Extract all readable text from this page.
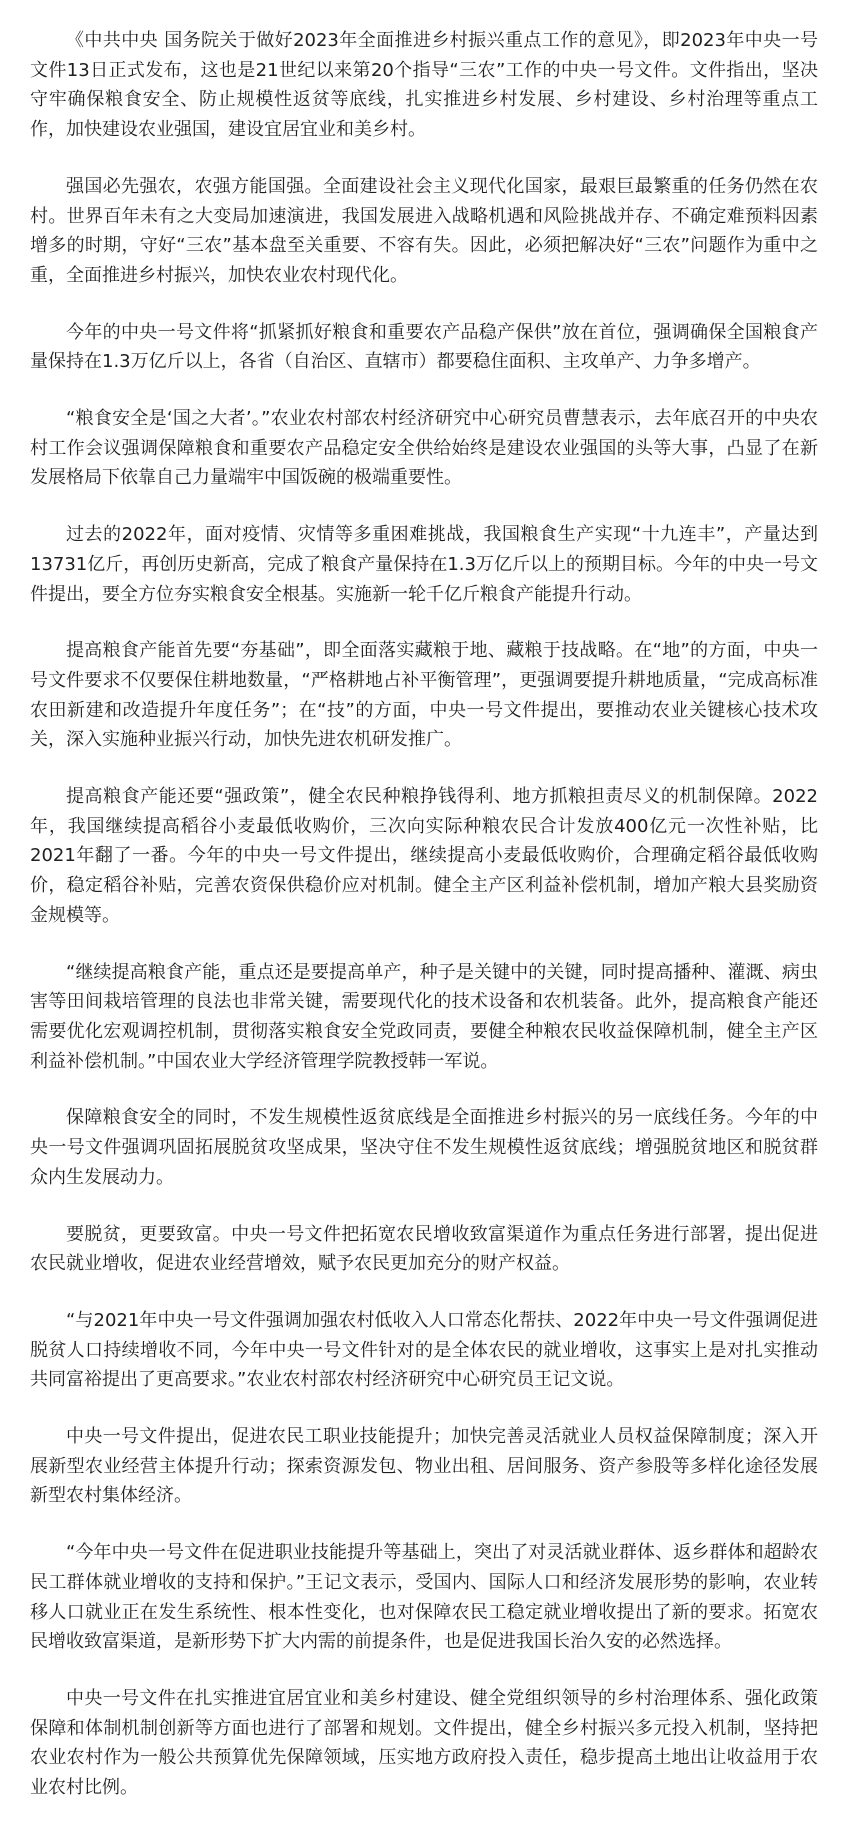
《中共中央 国务院关于做好2023年全面推进乡村振兴重点工作的意见》，即2023年中央一号文件13日正式发布，这也是21世纪以来第20个指导“三农”工作的中央一号文件。文件指出，坚决守牢确保粮食安全、防止规模性返贫等底线，扎实推进乡村发展、乡村建设、乡村治理等重点工作，加快建设农业强国，建设宜居宜业和美乡村。

强国必先强农，农强方能国强。全面建设社会主义现代化国家，最艰巨最繁重的任务仍然在农村。世界百年未有之大变局加速演进，我国发展进入战略机遇和风险挑战并存、不确定难预料因素增多的时期，守好“三农”基本盘至关重要、不容有失。因此，必须把解决好“三农”问题作为重中之重，全面推进乡村振兴，加快农业农村现代化。

今年的中央一号文件将“抓紧抓好粮食和重要农产品稳产保供”放在首位，强调确保全国粮食产量保持在1.3万亿斤以上，各省（自治区、直辖市）都要稳住面积、主攻单产、力争多增产。

“粮食安全是‘国之大者’。”农业农村部农村经济研究中心研究员曹慧表示，去年底召开的中央农村工作会议强调保障粮食和重要农产品稳定安全供给始终是建设农业强国的头等大事，凸显了在新发展格局下依靠自己力量端牢中国饭碗的极端重要性。

过去的2022年，面对疫情、灾情等多重困难挑战，我国粮食生产实现“十九连丰”，产量达到13731亿斤，再创历史新高，完成了粮食产量保持在1.3万亿斤以上的预期目标。今年的中央一号文件提出，要全方位夯实粮食安全根基。实施新一轮千亿斤粮食产能提升行动。

提高粮食产能首先要“夯基础”，即全面落实藏粮于地、藏粮于技战略。在“地”的方面，中央一号文件要求不仅要保住耕地数量，“严格耕地占补平衡管理”，更强调要提升耕地质量，“完成高标准农田新建和改造提升年度任务”；在“技”的方面，中央一号文件提出，要推动农业关键核心技术攻关，深入实施种业振兴行动，加快先进农机研发推广。

提高粮食产能还要“强政策”，健全农民种粮挣钱得利、地方抓粮担责尽义的机制保障。2022年，我国继续提高稻谷小麦最低收购价，三次向实际种粮农民合计发放400亿元一次性补贴，比2021年翻了一番。今年的中央一号文件提出，继续提高小麦最低收购价，合理确定稻谷最低收购价，稳定稻谷补贴，完善农资保供稳价应对机制。健全主产区利益补偿机制，增加产粮大县奖励资金规模等。

“继续提高粮食产能，重点还是要提高单产，种子是关键中的关键，同时提高播种、灌溉、病虫害等田间栽培管理的良法也非常关键，需要现代化的技术设备和农机装备。此外，提高粮食产能还需要优化宏观调控机制，贯彻落实粮食安全党政同责，要健全种粮农民收益保障机制，健全主产区利益补偿机制。”中国农业大学经济管理学院教授韩一军说。

保障粮食安全的同时，不发生规模性返贫底线是全面推进乡村振兴的另一底线任务。今年的中央一号文件强调巩固拓展脱贫攻坚成果，坚决守住不发生规模性返贫底线；增强脱贫地区和脱贫群众内生发展动力。

要脱贫，更要致富。中央一号文件把拓宽农民增收致富渠道作为重点任务进行部署，提出促进农民就业增收，促进农业经营增效，赋予农民更加充分的财产权益。

“与2021年中央一号文件强调加强农村低收入人口常态化帮扶、2022年中央一号文件强调促进脱贫人口持续增收不同，今年中央一号文件针对的是全体农民的就业增收，这事实上是对扎实推动共同富裕提出了更高要求。”农业农村部农村经济研究中心研究员王记文说。

中央一号文件提出，促进农民工职业技能提升；加快完善灵活就业人员权益保障制度；深入开展新型农业经营主体提升行动；探索资源发包、物业出租、居间服务、资产参股等多样化途径发展新型农村集体经济。

“今年中央一号文件在促进职业技能提升等基础上，突出了对灵活就业群体、返乡群体和超龄农民工群体就业增收的支持和保护。”王记文表示，受国内、国际人口和经济发展形势的影响，农业转移人口就业正在发生系统性、根本性变化，也对保障农民工稳定就业增收提出了新的要求。拓宽农民增收致富渠道，是新形势下扩大内需的前提条件，也是促进我国长治久安的必然选择。

中央一号文件在扎实推进宜居宜业和美乡村建设、健全党组织领导的乡村治理体系、强化政策保障和体制机制创新等方面也进行了部署和规划。文件提出，健全乡村振兴多元投入机制，坚持把农业农村作为一般公共预算优先保障领域，压实地方政府投入责任，稳步提高土地出让收益用于农业农村比例。
